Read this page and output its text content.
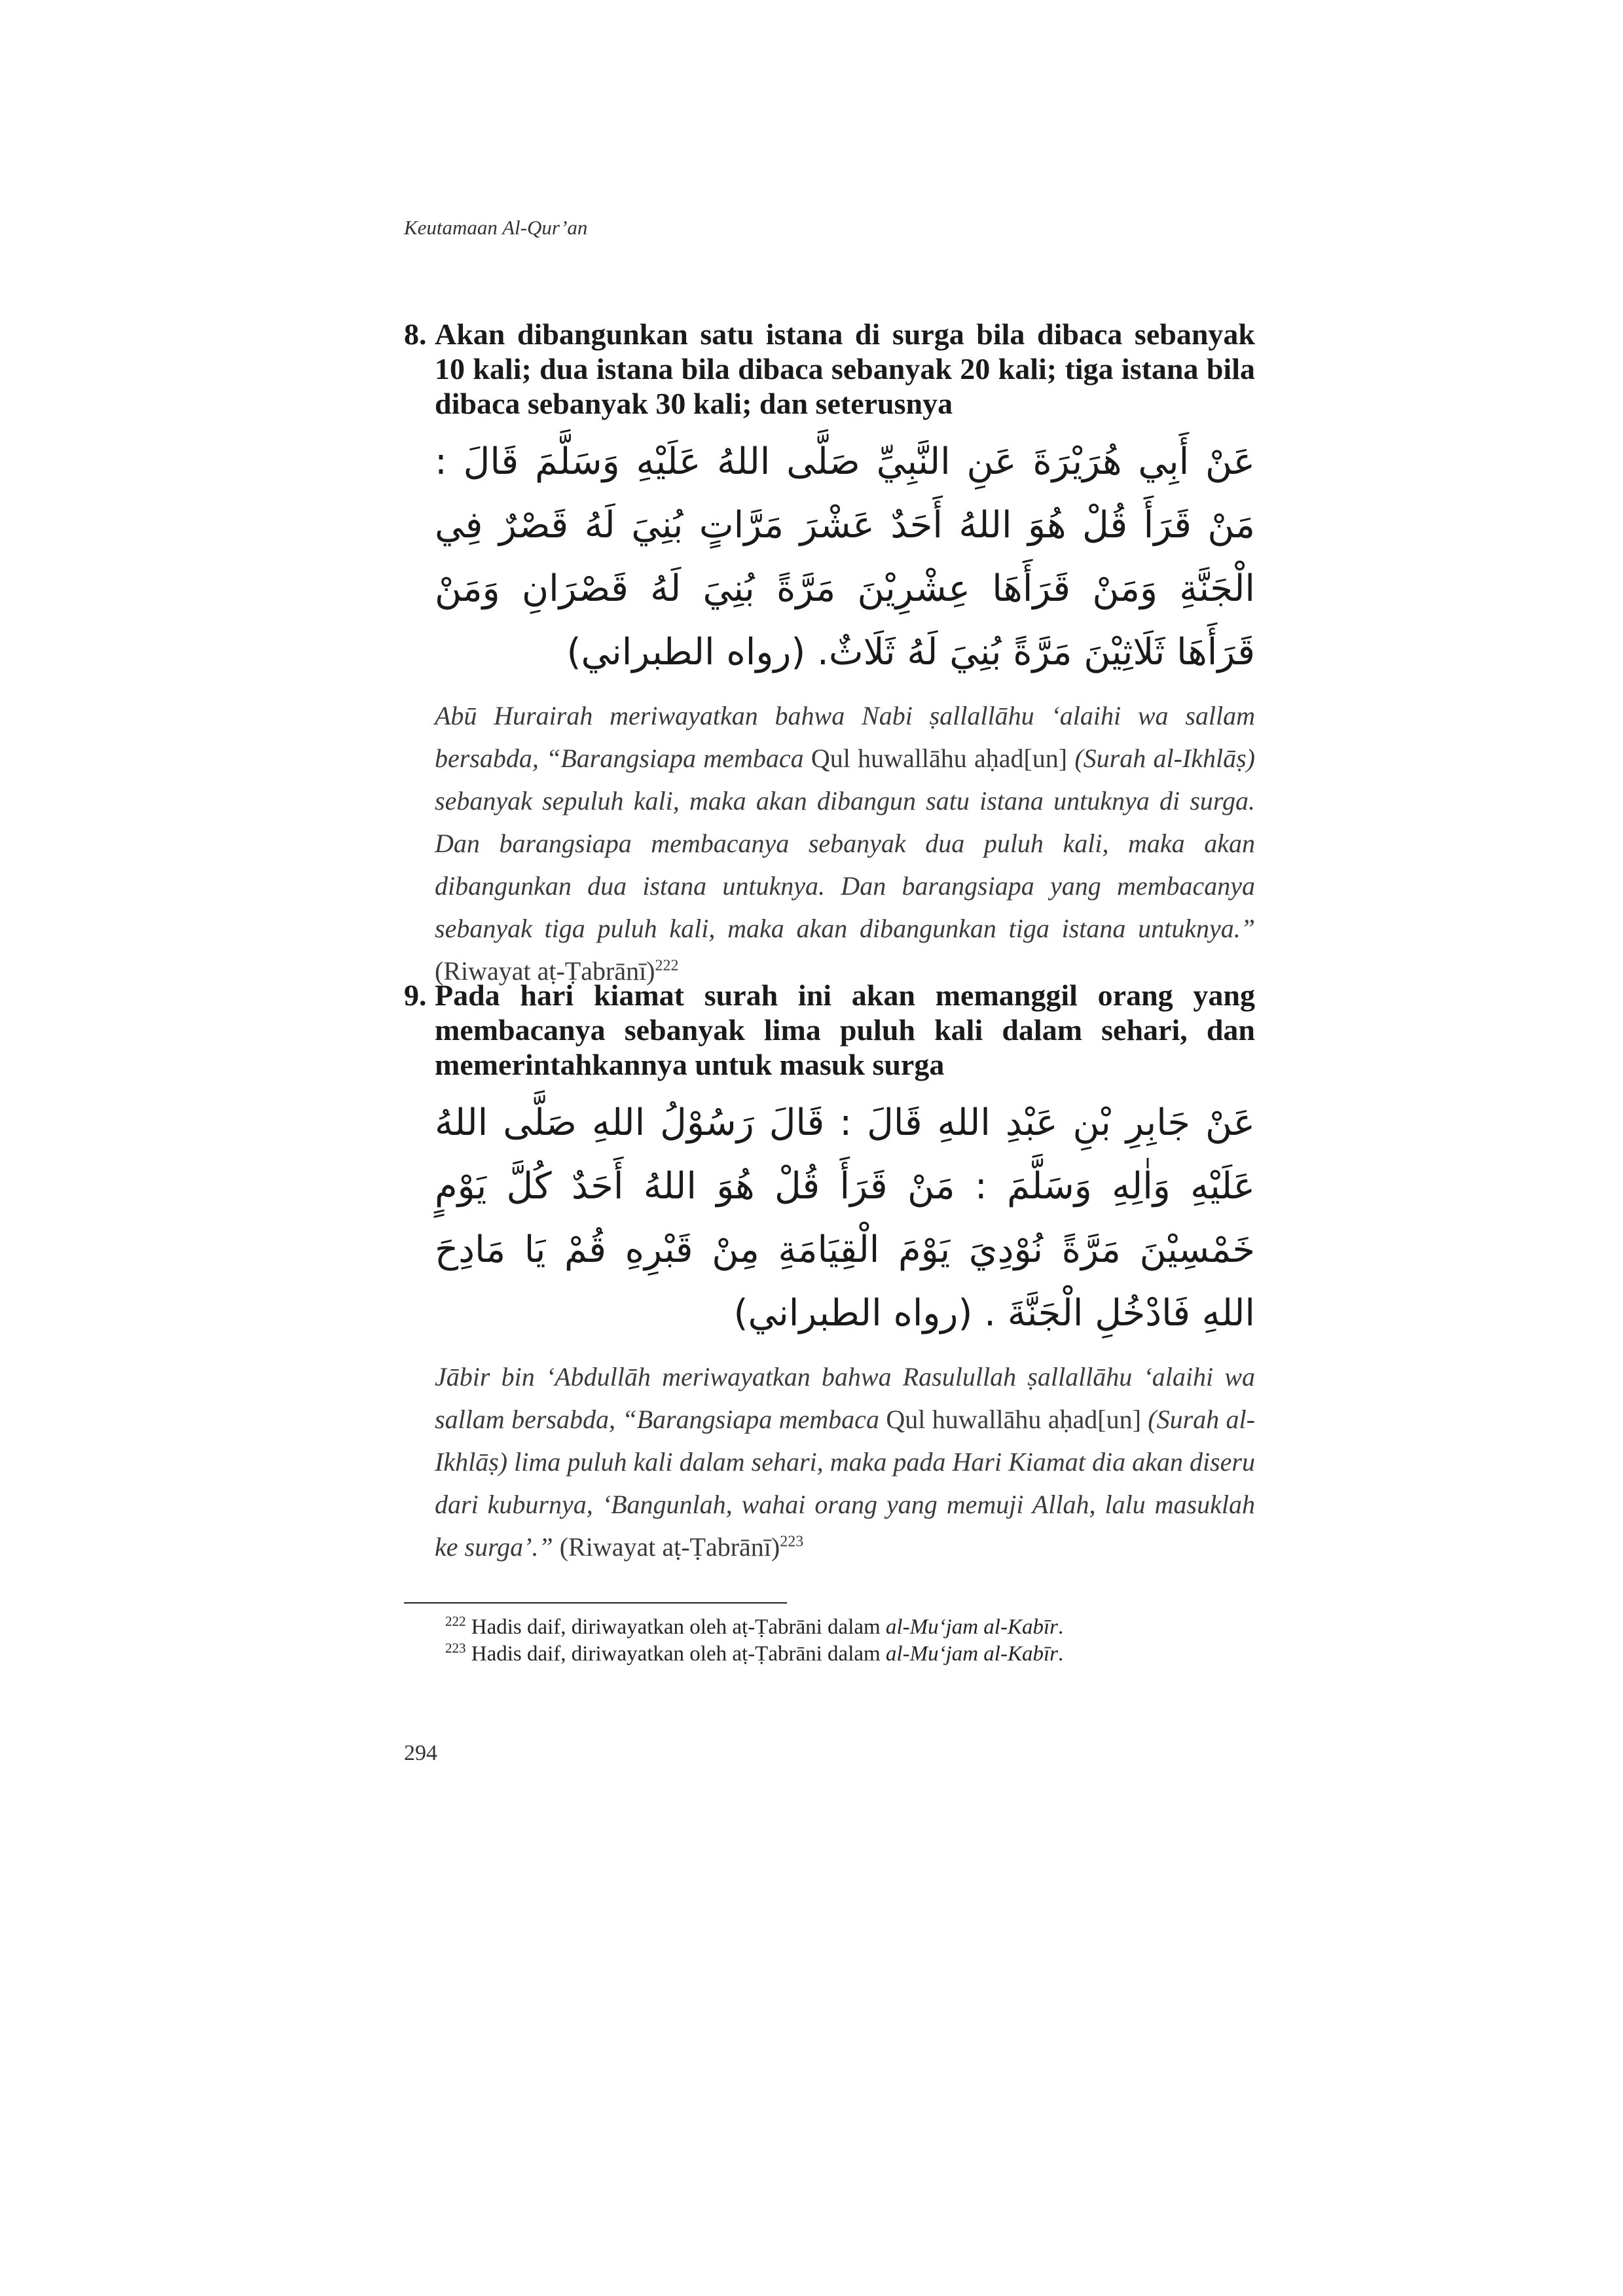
Keutamaan Al-Qur’an
8. Akan dibangunkan satu istana di surga bila dibaca sebanyak 10 kali; dua istana bila dibaca sebanyak 20 kali; tiga istana bila dibaca sebanyak 30 kali; dan seterusnya
عَنْ أَبِي هُرَيْرَةَ عَنِ النَّبِيِّ صَلَّى اللهُ عَلَيْهِ وَسَلَّمَ قَالَ : مَنْ قَرَأَ قُلْ هُوَ اللهُ أَحَدٌ عَشْرَ مَرَّاتٍ بُنِيَ لَهُ قَصْرٌ فِي الْجَنَّةِ وَمَنْ قَرَأَهَا عِشْرِيْنَ مَرَّةً بُنِيَ لَهُ قَصْرَانِ وَمَنْ قَرَأَهَا ثَلَاثِيْنَ مَرَّةً بُنِيَ لَهُ ثَلَاثٌ. (رواه الطبراني)
Abū Hurairah meriwayatkan bahwa Nabi ṣallallāhu ‘alaihi wa sallam bersabda, “Barangsiapa membaca Qul huwallāhu aḥad[un] (Surah al-Ikhlāṣ) sebanyak sepuluh kali, maka akan dibangun satu istana untuknya di surga. Dan barangsiapa membacanya sebanyak dua puluh kali, maka akan dibangunkan dua istana untuknya. Dan barangsiapa yang membacanya sebanyak tiga puluh kali, maka akan dibangunkan tiga istana untuknya.” (Riwayat aṭ-Ṭabrānī)$^{222}$
9. Pada hari kiamat surah ini akan memanggil orang yang membacanya sebanyak lima puluh kali dalam sehari, dan memerintahkannya untuk masuk surga
عَنْ جَابِرِ بْنِ عَبْدِ اللهِ قَالَ : قَالَ رَسُوْلُ اللهِ صَلَّى اللهُ عَلَيْهِ وَاٰلِهِ وَسَلَّمَ : مَنْ قَرَأَ قُلْ هُوَ اللهُ أَحَدٌ كُلَّ يَوْمٍ خَمْسِيْنَ مَرَّةً نُوْدِيَ يَوْمَ الْقِيَامَةِ مِنْ قَبْرِهِ قُمْ يَا مَادِحَ اللهِ فَادْخُلِ الْجَنَّةَ . (رواه الطبراني)
Jābir bin ‘Abdullāh meriwayatkan bahwa Rasulullah ṣallallāhu ‘alaihi wa sallam bersabda, “Barangsiapa membaca Qul huwallāhu aḥad[un] (Surah al-Ikhlāṣ) lima puluh kali dalam sehari, maka pada Hari Kiamat dia akan diseru dari kuburnya, ‘Bangunlah, wahai orang yang memuji Allah, lalu masuklah ke surga’.” (Riwayat aṭ-Ṭabrānī)$^{223}$
$^{222}$ Hadis daif, diriwayatkan oleh aṭ-Ṭabrāni dalam al-Mu‘jam al-Kabīr.
$^{223}$ Hadis daif, diriwayatkan oleh aṭ-Ṭabrāni dalam al-Mu‘jam al-Kabīr.
294
